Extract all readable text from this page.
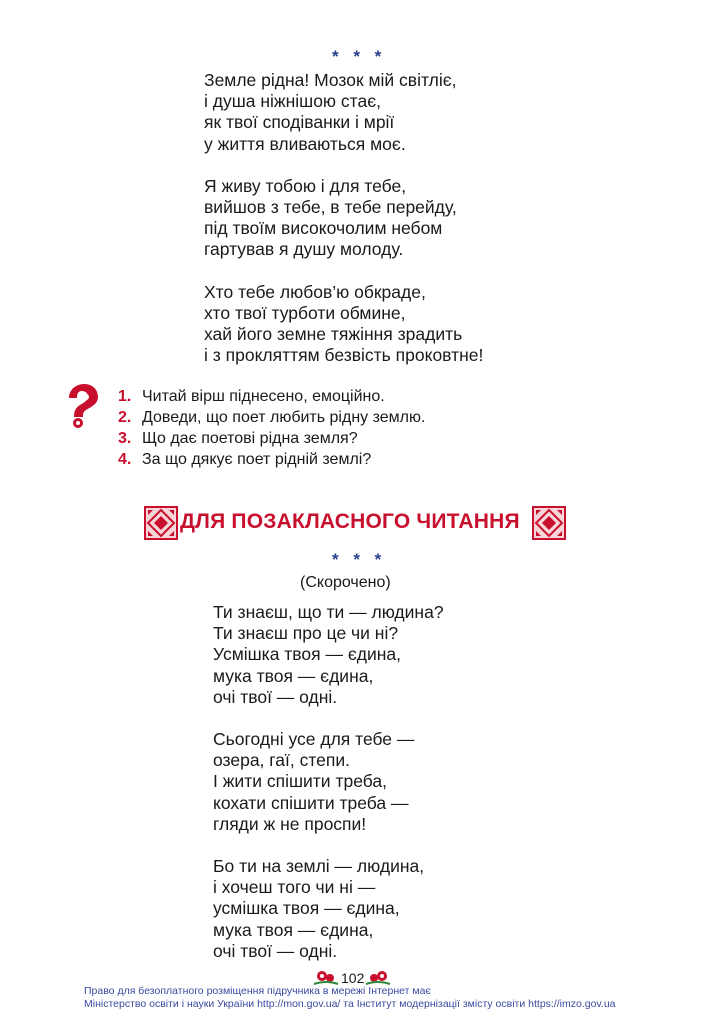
* * *
Земле рідна! Мозок мій світліє,
і душа ніжнішою стає,
як твої сподіванки і мрії
у життя вливаються моє.
Я живу тобою і для тебе,
вийшов з тебе, в тебе перейду,
під твоїм високочолим небом
гартував я душу молоду.
Хто тебе любов’ю обкраде,
хто твої турботи обмине,
хай його земне тяжіння зрадить
і з прокляттям безвість проковтне!
1. Читай вірш піднесено, емоційно.
2. Доведи, що поет любить рідну землю.
3. Що дає поетові рідна земля?
4. За що дякує поет рідній землі?
ДЛЯ ПОЗАКЛАСНОГО ЧИТАННЯ
* * *
(Скорочено)
Ти знаєш, що ти — людина?
Ти знаєш про це чи ні?
Усмішка твоя — єдина,
мука твоя — єдина,
очі твої — одні.
Сьогодні усе для тебе —
озера, гаї, степи.
І жити спішити треба,
кохати спішити треба —
гляди ж не проспи!
Бо ти на землі — людина,
і хочеш того чи ні —
усмішка твоя — єдина,
мука твоя — єдина,
очі твої — одні.
102
Право для безоплатного розміщення підручника в мережі Інтернет має
Міністерство освіти і науки України http://mon.gov.ua/ та Інститут модернізації змісту освіти https://imzo.gov.ua
